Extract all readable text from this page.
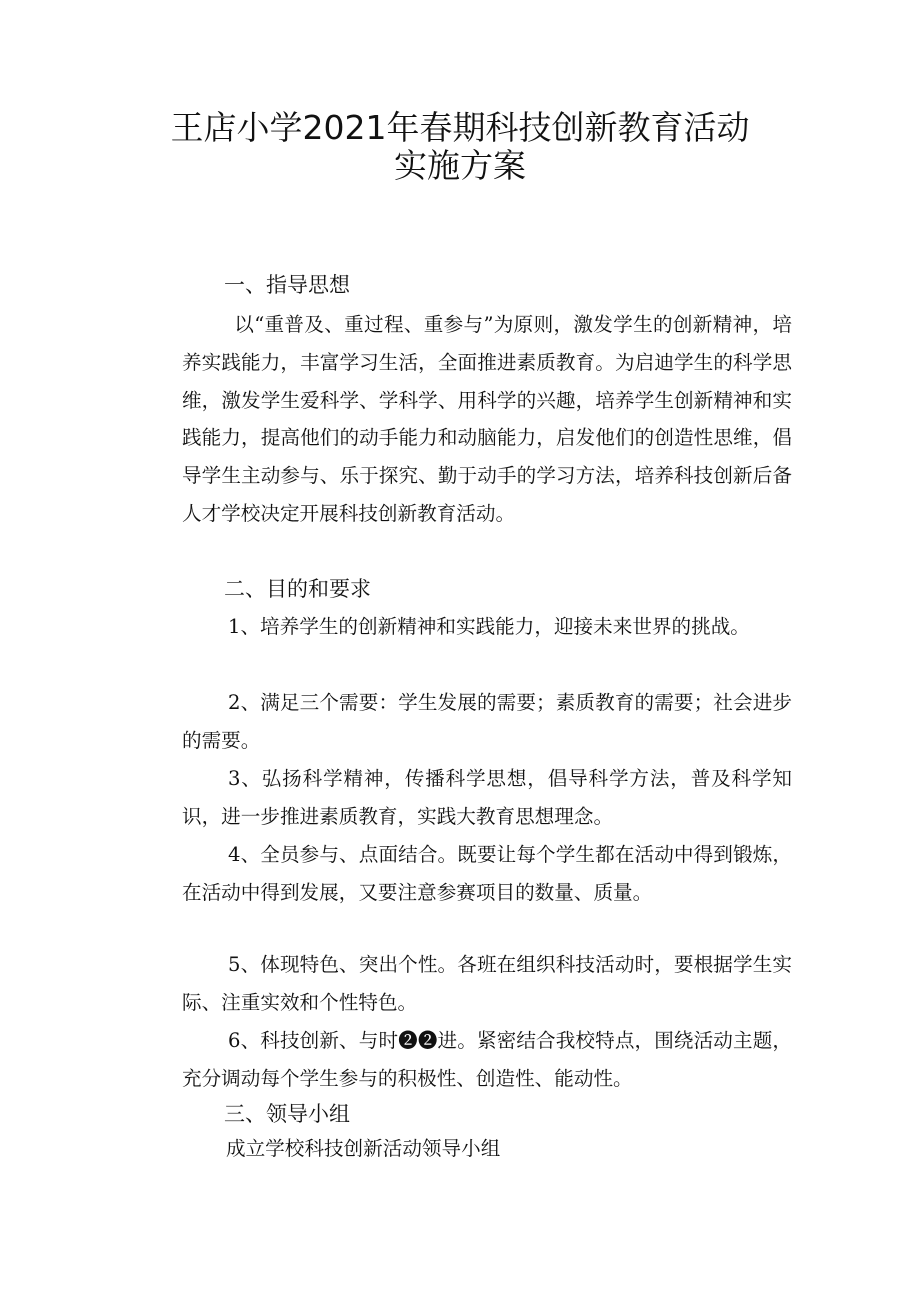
王店小学2021年春期科技创新教育活动
实施方案
一、指导思想

以“重普及、重过程、重参与”为原则，激发学生的创新精神，培养实践能力，丰富学习生活，全面推进素质教育。为启迪学生的科学思维，激发学生爱科学、学科学、用科学的兴趣，培养学生创新精神和实践能力，提高他们的动手能力和动脑能力，启发他们的创造性思维，倡导学生主动参与、乐于探究、勤于动手的学习方法，培养科技创新后备人才学校决定开展科技创新教育活动。

二、目的和要求

1、培养学生的创新精神和实践能力，迎接未来世界的挑战。

2、满足三个需要：学生发展的需要；素质教育的需要；社会进步的需要。

3、弘扬科学精神，传播科学思想，倡导科学方法，普及科学知识，进一步推进素质教育，实践大教育思想理念。

4、全员参与、点面结合。既要让每个学生都在活动中得到锻炼，在活动中得到发展，又要注意参赛项目的数量、质量。

5、体现特色、突出个性。各班在组织科技活动时，要根据学生实际、注重实效和个性特色。

6、科技创新、与时❷❷进。紧密结合我校特点，围绕活动主题，充分调动每个学生参与的积极性、创造性、能动性。

三、领导小组
成立学校科技创新活动领导小组
